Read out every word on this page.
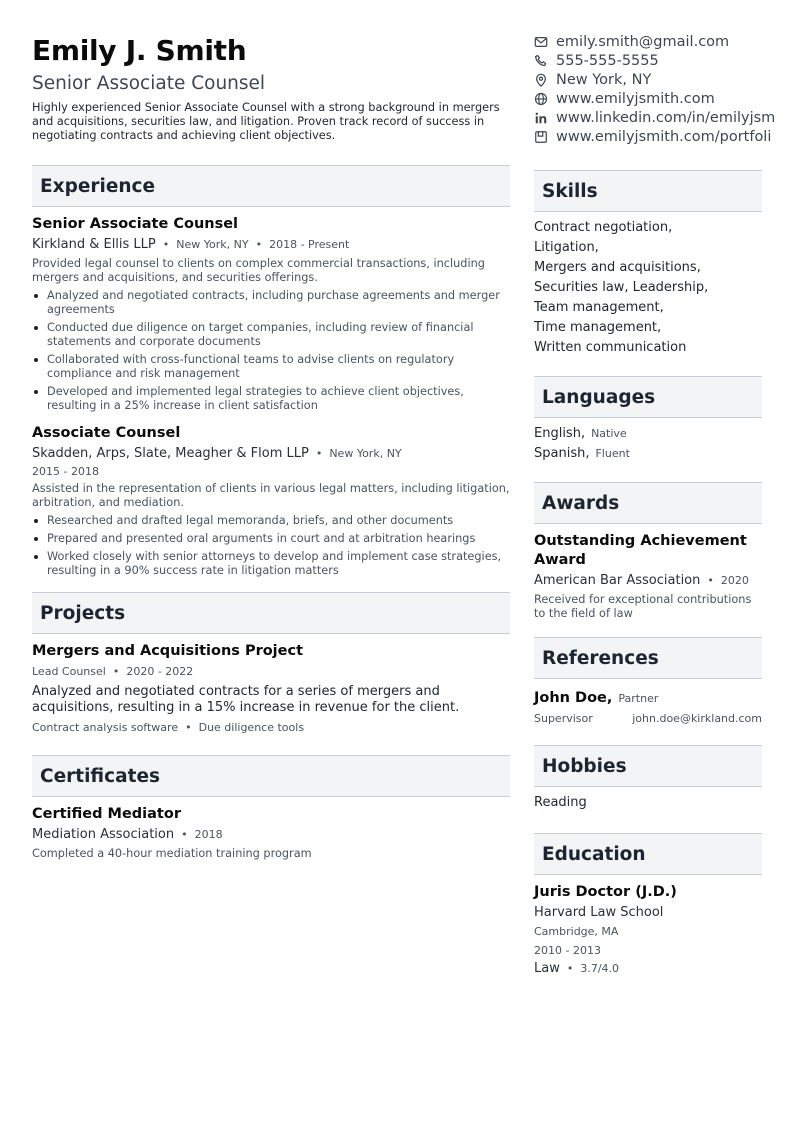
Emily J. Smith
Senior Associate Counsel
Highly experienced Senior Associate Counsel with a strong background in mergers and acquisitions, securities law, and litigation. Proven track record of success in negotiating contracts and achieving client objectives.
Experience
Senior Associate Counsel
Kirkland & Ellis LLP • New York, NY • 2018 - Present
Provided legal counsel to clients on complex commercial transactions, including mergers and acquisitions, and securities offerings.
Analyzed and negotiated contracts, including purchase agreements and merger agreements
Conducted due diligence on target companies, including review of financial statements and corporate documents
Collaborated with cross-functional teams to advise clients on regulatory compliance and risk management
Developed and implemented legal strategies to achieve client objectives, resulting in a 25% increase in client satisfaction
Associate Counsel
Skadden, Arps, Slate, Meagher & Flom LLP • New York, NY
2015 - 2018
Assisted in the representation of clients in various legal matters, including litigation, arbitration, and mediation.
Researched and drafted legal memoranda, briefs, and other documents
Prepared and presented oral arguments in court and at arbitration hearings
Worked closely with senior attorneys to develop and implement case strategies, resulting in a 90% success rate in litigation matters
Projects
Mergers and Acquisitions Project
Lead Counsel • 2020 - 2022
Analyzed and negotiated contracts for a series of mergers and acquisitions, resulting in a 15% increase in revenue for the client.
Contract analysis software • Due diligence tools
Certificates
Certified Mediator
Mediation Association • 2018
Completed a 40-hour mediation training program
emily.smith@gmail.com
555-555-5555
New York, NY
www.emilyjsmith.com
www.linkedin.com/in/emilyjsm
www.emilyjsmith.com/portfoli
Skills
Contract negotiation,
Litigation,
Mergers and acquisitions,
Securities law, Leadership,
Team management,
Time management,
Written communication
Languages
English, Native
Spanish, Fluent
Awards
Outstanding Achievement Award
American Bar Association • 2020
Received for exceptional contributions to the field of law
References
John Doe, Partner
Supervisor	john.doe@kirkland.com
Hobbies
Reading
Education
Juris Doctor (J.D.)
Harvard Law School
Cambridge, MA
2010 - 2013
Law • 3.7/4.0
